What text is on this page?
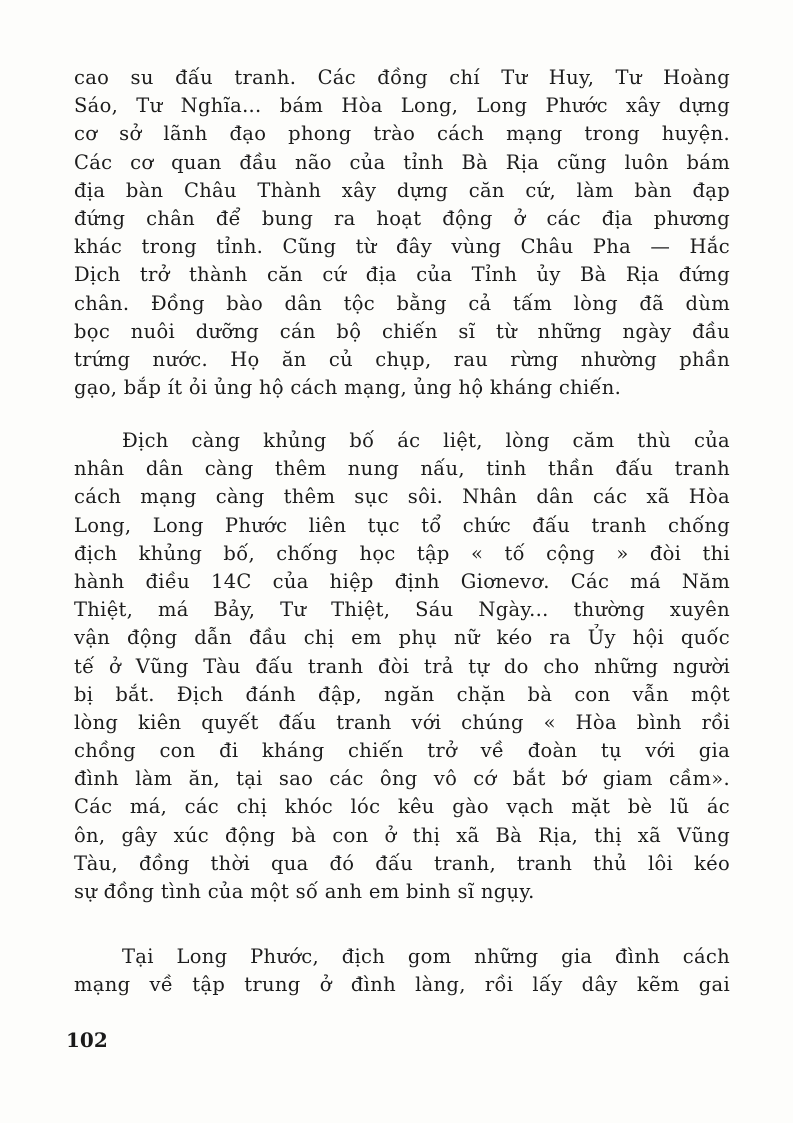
cao su đấu tranh. Các đồng chí Tư Huy, Tư Hoàng
Sáo, Tư Nghĩa... bám Hòa Long, Long Phước xây dựng
cơ sở lãnh đạo phong trào cách mạng trong huyện.
Các cơ quan đầu não của tỉnh Bà Rịa cũng luôn bám
địa bàn Châu Thành xây dựng căn cứ, làm bàn đạp
đứng chân để bung ra hoạt động ở các địa phương
khác trong tỉnh. Cũng từ đây vùng Châu Pha — Hắc
Dịch trở thành căn cứ địa của Tỉnh ủy Bà Rịa đứng
chân. Đồng bào dân tộc bằng cả tấm lòng đã dùm
bọc nuôi dưỡng cán bộ chiến sĩ từ những ngày đầu
trứng nước. Họ ăn củ chụp, rau rừng nhường phần
gạo, bắp ít ỏi ủng hộ cách mạng, ủng hộ kháng chiến.
Địch càng khủng bố ác liệt, lòng căm thù của
nhân dân càng thêm nung nấu, tinh thần đấu tranh
cách mạng càng thêm sục sôi. Nhân dân các xã Hòa
Long, Long Phước liên tục tổ chức đấu tranh chống
địch khủng bố, chống học tập « tố cộng » đòi thi
hành điều 14C của hiệp định Giơnevơ. Các má Năm
Thiệt, má Bảy, Tư Thiệt, Sáu Ngày... thường xuyên
vận động dẫn đầu chị em phụ nữ kéo ra Ủy hội quốc
tế ở Vũng Tàu đấu tranh đòi trả tự do cho những người
bị bắt. Địch đánh đập, ngăn chặn bà con vẫn một
lòng kiên quyết đấu tranh với chúng « Hòa bình rồi
chồng con đi kháng chiến trở về đoàn tụ với gia
đình làm ăn, tại sao các ông vô cớ bắt bớ giam cầm».
Các má, các chị khóc lóc kêu gào vạch mặt bè lũ ác
ôn, gây xúc động bà con ở thị xã Bà Rịa, thị xã Vũng
Tàu, đồng thời qua đó đấu tranh, tranh thủ lôi kéo
sự đồng tình của một số anh em binh sĩ ngụy.
Tại Long Phước, địch gom những gia đình cách
mạng về tập trung ở đình làng, rồi lấy dây kẽm gai
102
